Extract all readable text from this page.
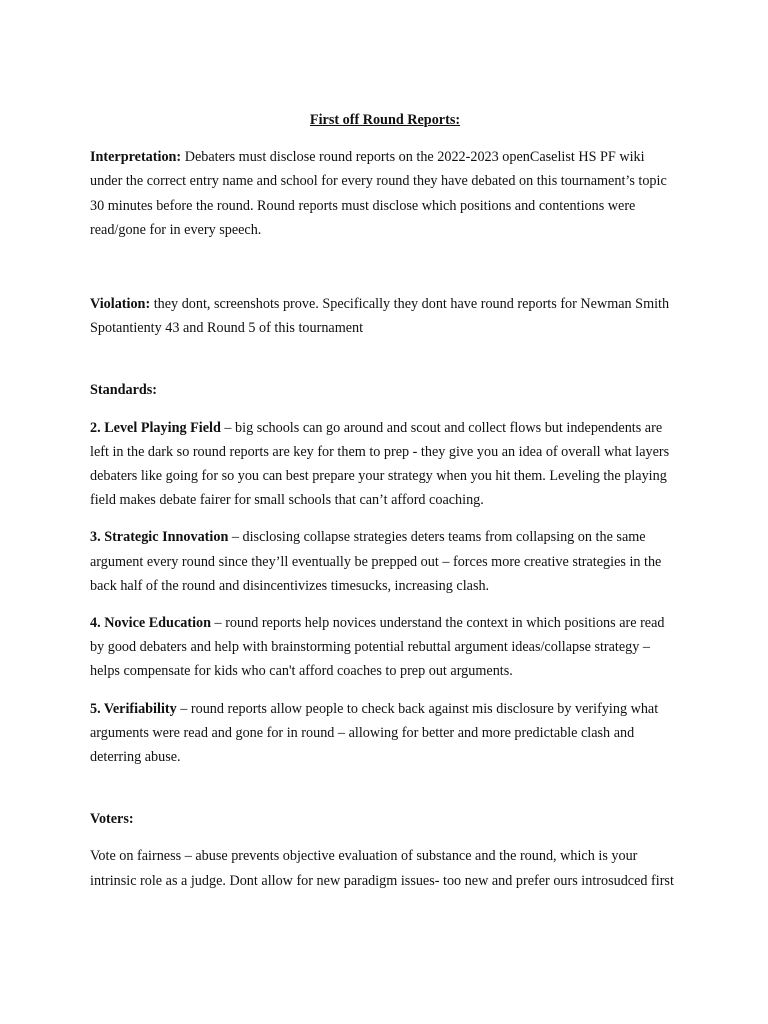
First off Round Reports:

Interpretation: Debaters must disclose round reports on the 2022-2023 openCaselist HS PF wiki under the correct entry name and school for every round they have debated on this tournament’s topic 30 minutes before the round. Round reports must disclose which positions and contentions were read/gone for in every speech.

Violation: they dont, screenshots prove. Specifically they dont have round reports for Newman Smith Spotantienty 43 and Round 5 of this tournament

Standards:

2. Level Playing Field – big schools can go around and scout and collect flows but independents are left in the dark so round reports are key for them to prep - they give you an idea of overall what layers debaters like going for so you can best prepare your strategy when you hit them. Leveling the playing field makes debate fairer for small schools that can’t afford coaching.

3. Strategic Innovation – disclosing collapse strategies deters teams from collapsing on the same argument every round since they’ll eventually be prepped out – forces more creative strategies in the back half of the round and disincentivizes timesucks, increasing clash.

4. Novice Education – round reports help novices understand the context in which positions are read by good debaters and help with brainstorming potential rebuttal argument ideas/collapse strategy – helps compensate for kids who can't afford coaches to prep out arguments.

5. Verifiability – round reports allow people to check back against mis disclosure by verifying what arguments were read and gone for in round – allowing for better and more predictable clash and deterring abuse.

Voters:

Vote on fairness – abuse prevents objective evaluation of substance and the round, which is your intrinsic role as a judge. Dont allow for new paradigm issues- too new and prefer ours introsudced first
